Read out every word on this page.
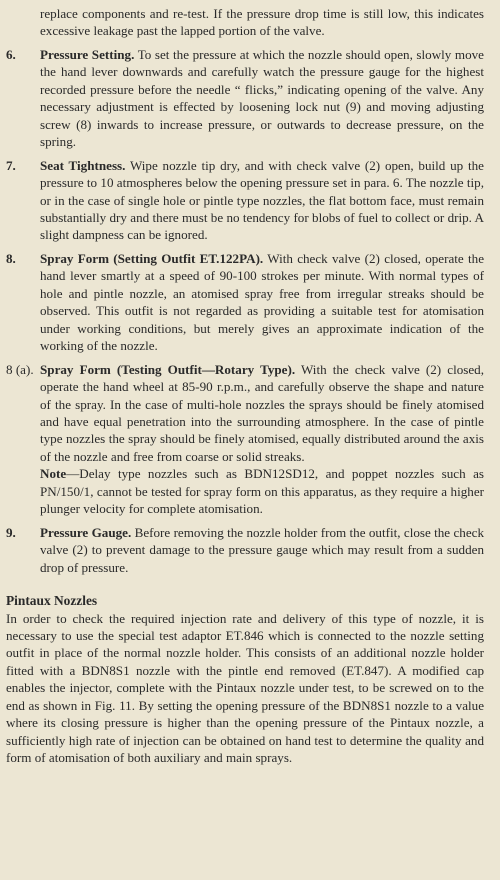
replace components and re-test. If the pressure drop time is still low, this indicates excessive leakage past the lapped portion of the valve.

6.	Pressure Setting. To set the pressure at which the nozzle should open, slowly move the hand lever downwards and carefully watch the pressure gauge for the highest recorded pressure before the needle “ flicks,” indicating opening of the valve. Any necessary adjustment is effected by loosening lock nut (9) and moving adjusting screw (8) inwards to increase pressure, or outwards to decrease pressure, on the spring.

7.	Seat Tightness. Wipe nozzle tip dry, and with check valve (2) open, build up the pressure to 10 atmospheres below the opening pressure set in para. 6. The nozzle tip, or in the case of single hole or pintle type nozzles, the flat bottom face, must remain substantially dry and there must be no tendency for blobs of fuel to collect or drip. A slight dampness can be ignored.

8.	Spray Form (Setting Outfit ET.122PA). With check valve (2) closed, operate the hand lever smartly at a speed of 90-100 strokes per minute. With normal types of hole and pintle nozzle, an atomised spray free from irregular streaks should be observed. This outfit is not regarded as providing a suitable test for atomisation under working conditions, but merely gives an approximate indication of the working of the nozzle.

8 (a). Spray Form (Testing Outfit—Rotary Type). With the check valve (2) closed, operate the hand wheel at 85-90 r.p.m., and carefully observe the shape and nature of the spray. In the case of multi-hole nozzles the sprays should be finely atomised and have equal penetration into the surrounding atmosphere. In the case of pintle type nozzles the spray should be finely atomised, equally distributed around the axis of the nozzle and free from coarse or solid streaks.

Note—Delay type nozzles such as BDN12SD12, and poppet nozzles such as PN/150/1, cannot be tested for spray form on this apparatus, as they require a higher plunger velocity for complete atomisation.

9.	Pressure Gauge. Before removing the nozzle holder from the outfit, close the check valve (2) to prevent damage to the pressure gauge which may result from a sudden drop of pressure.

Pintaux Nozzles

In order to check the required injection rate and delivery of this type of nozzle, it is necessary to use the special test adaptor ET.846 which is connected to the nozzle setting outfit in place of the normal nozzle holder. This consists of an additional nozzle holder fitted with a BDN8S1 nozzle with the pintle end removed (ET.847). A modified cap enables the injector, complete with the Pintaux nozzle under test, to be screwed on to the end as shown in Fig. 11. By setting the opening pressure of the BDN8S1 nozzle to a value where its closing pressure is higher than the opening pressure of the Pintaux nozzle, a sufficiently high rate of injection can be obtained on hand test to determine the quality and form of atomisation of both auxiliary and main sprays.
